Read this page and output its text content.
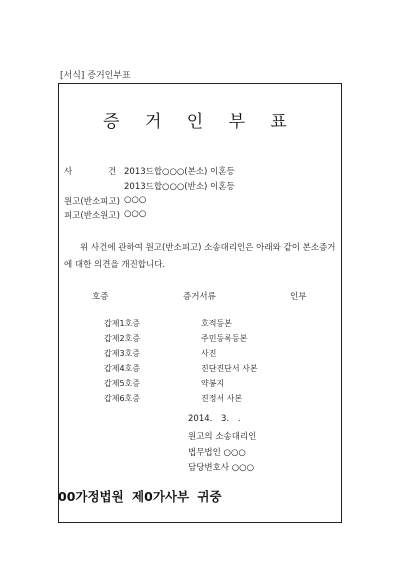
[서식] 증거인부표
증 거 인 부 표
사	건 2013드합○○○(본소) 이혼등
2013드합○○○(반소) 이혼등
원고(반소피고) ○○○
피고(반소원고) ○○○
위 사건에 관하여 원고(반소피고) 소송대리인은 아래와 같이 본소증거
에 대한 의견을 개진합니다.
호증	증거서류	인부
갑제1호증	호적등본
갑제2호증	주민등록등본
갑제3호증	사진
갑제4호증	진단진단서 사본
갑제5호증	약봉지
갑제6호증	진정서 사본
2014. 3. .
원고의 소송대리인
법무법인 ○○○
담당변호사 ○○○
00가정법원 제0가사부 귀중
